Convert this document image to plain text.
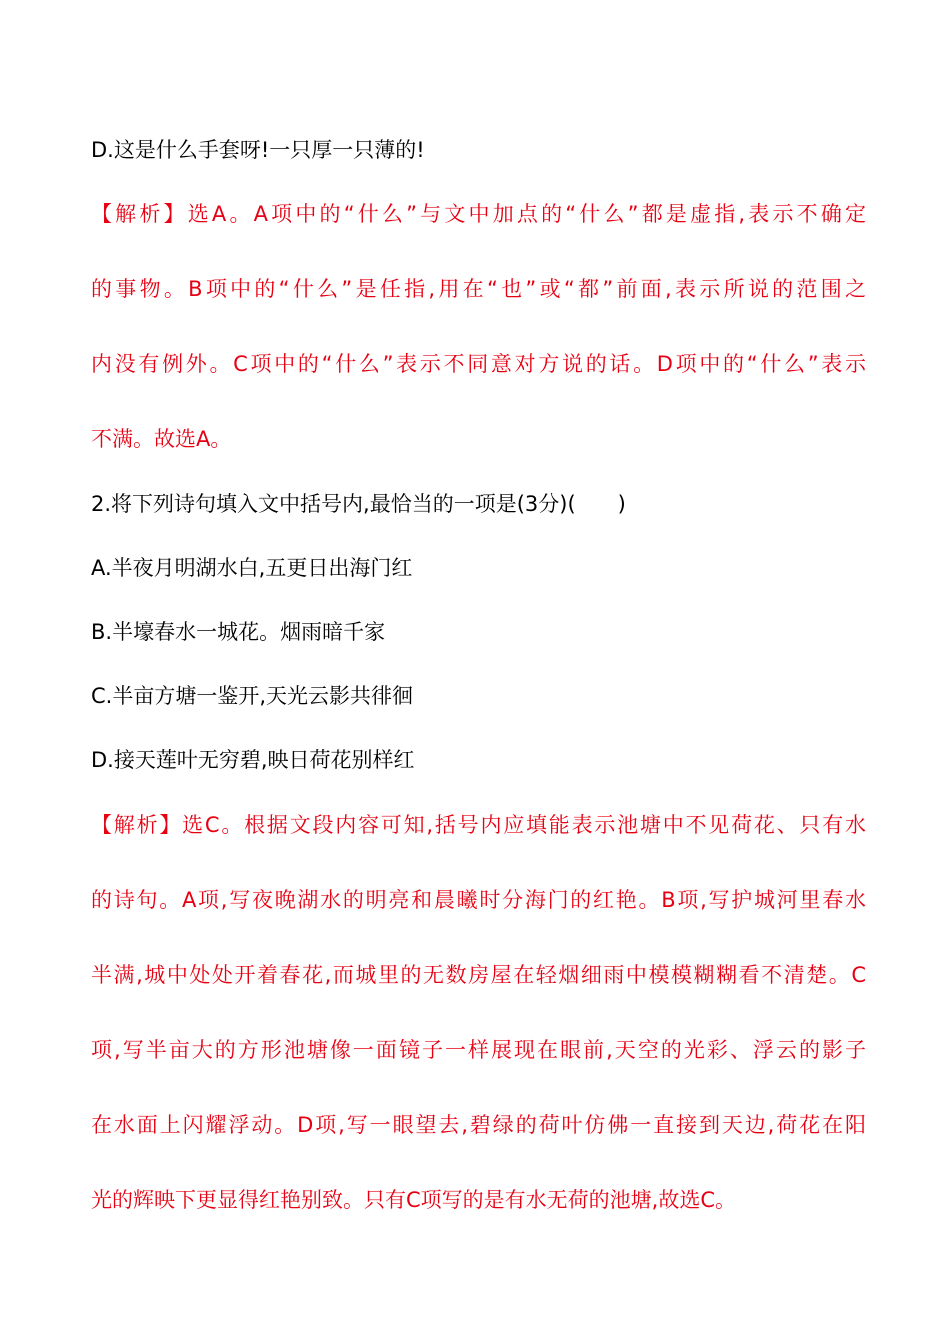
D.这是什么手套呀!一只厚一只薄的!
【解析】选A。A项中的“什么”与文中加点的“什么”都是虚指,表示不确定
的事物。B项中的“什么”是任指,用在“也”或“都”前面,表示所说的范围之
内没有例外。C项中的“什么”表示不同意对方说的话。D项中的“什么”表示
不满。故选A。
2.将下列诗句填入文中括号内,最恰当的一项是(3分)(　　)
A.半夜月明湖水白,五更日出海门红
B.半壕春水一城花。烟雨暗千家
C.半亩方塘一鉴开,天光云影共徘徊
D.接天莲叶无穷碧,映日荷花别样红
【解析】选C。根据文段内容可知,括号内应填能表示池塘中不见荷花、只有水
的诗句。A项,写夜晚湖水的明亮和晨曦时分海门的红艳。B项,写护城河里春水
半满,城中处处开着春花,而城里的无数房屋在轻烟细雨中模模糊糊看不清楚。C
项,写半亩大的方形池塘像一面镜子一样展现在眼前,天空的光彩、浮云的影子
在水面上闪耀浮动。D项,写一眼望去,碧绿的荷叶仿佛一直接到天边,荷花在阳
光的辉映下更显得红艳别致。只有C项写的是有水无荷的池塘,故选C。
